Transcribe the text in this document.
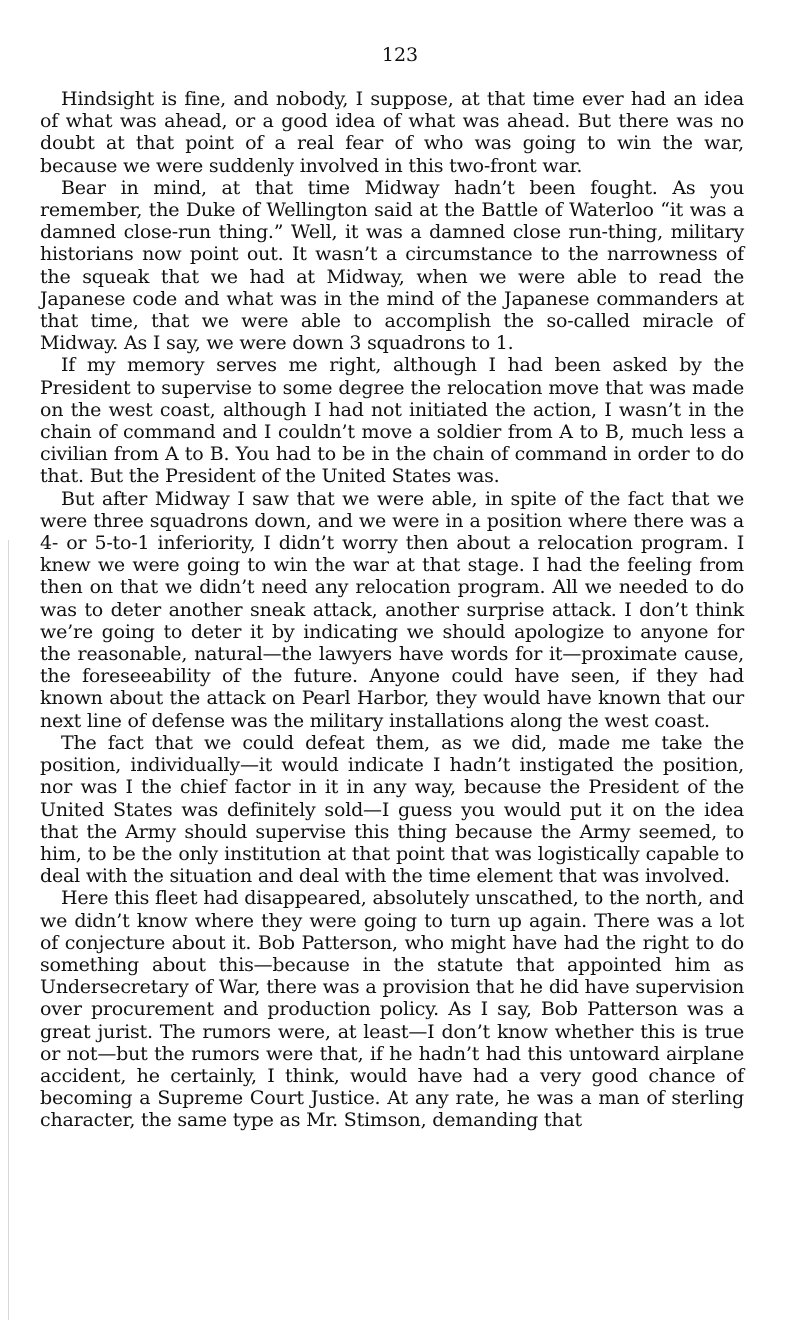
123

Hindsight is fine, and nobody, I suppose, at that time ever had an idea of what was ahead, or a good idea of what was ahead. But there was no doubt at that point of a real fear of who was going to win the war, because we were suddenly involved in this two-front war.

Bear in mind, at that time Midway hadn’t been fought. As you remember, the Duke of Wellington said at the Battle of Waterloo “it was a damned close-run thing.” Well, it was a damned close run-thing, military historians now point out. It wasn’t a circumstance to the narrowness of the squeak that we had at Midway, when we were able to read the Japanese code and what was in the mind of the Japanese commanders at that time, that we were able to accomplish the so-called miracle of Midway. As I say, we were down 3 squadrons to 1.

If my memory serves me right, although I had been asked by the President to supervise to some degree the relocation move that was made on the west coast, although I had not initiated the action, I wasn’t in the chain of command and I couldn’t move a soldier from A to B, much less a civilian from A to B. You had to be in the chain of command in order to do that. But the President of the United States was.

But after Midway I saw that we were able, in spite of the fact that we were three squadrons down, and we were in a position where there was a 4- or 5-to-1 inferiority, I didn’t worry then about a relocation program. I knew we were going to win the war at that stage. I had the feeling from then on that we didn’t need any relocation program. All we needed to do was to deter another sneak attack, another surprise attack. I don’t think we’re going to deter it by indicating we should apologize to anyone for the reasonable, natural—the lawyers have words for it—proximate cause, the foreseeability of the future. Anyone could have seen, if they had known about the attack on Pearl Harbor, they would have known that our next line of defense was the military installations along the west coast.

The fact that we could defeat them, as we did, made me take the position, individually—it would indicate I hadn’t instigated the position, nor was I the chief factor in it in any way, because the President of the United States was definitely sold—I guess you would put it on the idea that the Army should supervise this thing because the Army seemed, to him, to be the only institution at that point that was logistically capable to deal with the situation and deal with the time element that was involved.

Here this fleet had disappeared, absolutely unscathed, to the north, and we didn’t know where they were going to turn up again. There was a lot of conjecture about it. Bob Patterson, who might have had the right to do something about this—because in the statute that appointed him as Undersecretary of War, there was a provision that he did have supervision over procurement and production policy. As I say, Bob Patterson was a great jurist. The rumors were, at least—I don’t know whether this is true or not—but the rumors were that, if he hadn’t had this untoward airplane accident, he certainly, I think, would have had a very good chance of becoming a Supreme Court Justice. At any rate, he was a man of sterling character, the same type as Mr. Stimson, demanding that
